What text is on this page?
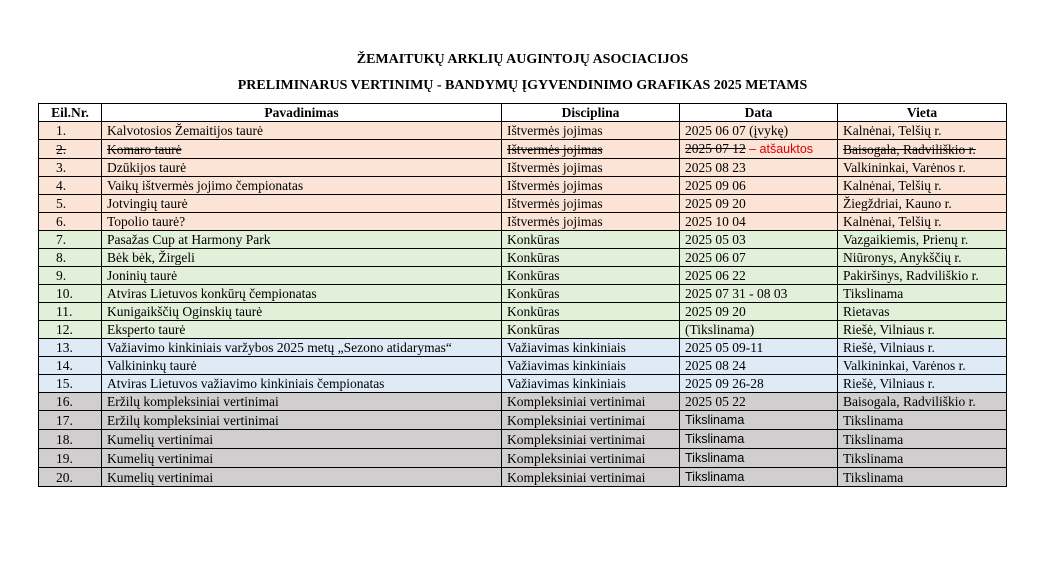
ŽEMAITUKŲ ARKLIŲ AUGINTOJŲ ASOCIACIJOS
PRELIMINARUS VERTINIMŲ - BANDYMŲ ĮGYVENDINIMO GRAFIKAS 2025 METAMS
Eil.Nr.	Pavadinimas	Disciplina	Data	Vieta
1.	Kalvotosios Žemaitijos taurė	Ištvermės jojimas	2025 06 07 (įvykę)	Kalnėnai, Telšių r.
2.	Komaro taurė	Ištvermės jojimas	2025 07 12 – atšauktos	Baisogala, Radviliškio r.
3.	Dzūkijos taurė	Ištvermės jojimas	2025 08 23	Valkininkai, Varėnos r.
4.	Vaikų ištvermės jojimo čempionatas	Ištvermės jojimas	2025 09 06	Kalnėnai, Telšių r.
5.	Jotvingių taurė	Ištvermės jojimas	2025 09 20	Žiegždriai, Kauno r.
6.	Topolio taurė?	Ištvermės jojimas	2025 10 04	Kalnėnai, Telšių r.
7.	Pasažas Cup at Harmony Park	Konkūras	2025 05 03	Vazgaikiemis, Prienų r.
8.	Bėk bėk, Žirgeli	Konkūras	2025 06 07	Niūronys, Anykščių r.
9.	Joninių taurė	Konkūras	2025 06 22	Pakiršinys, Radviliškio r.
10.	Atviras Lietuvos konkūrų čempionatas	Konkūras	2025 07 31 - 08 03	Tikslinama
11.	Kunigaikščių Oginskių taurė	Konkūras	2025 09 20	Rietavas
12.	Eksperto taurė	Konkūras	(Tikslinama)	Riešė, Vilniaus r.
13.	Važiavimo kinkiniais varžybos 2025 metų „Sezono atidarymas“	Važiavimas kinkiniais	2025 05 09-11	Riešė, Vilniaus r.
14.	Valkininkų taurė	Važiavimas kinkiniais	2025 08 24	Valkininkai, Varėnos r.
15.	Atviras Lietuvos važiavimo kinkiniais čempionatas	Važiavimas kinkiniais	2025 09 26-28	Riešė, Vilniaus r.
16.	Eržilų kompleksiniai vertinimai	Kompleksiniai vertinimai	2025 05 22	Baisogala, Radviliškio r.
17.	Eržilų kompleksiniai vertinimai	Kompleksiniai vertinimai	Tikslinama	Tikslinama
18.	Kumelių vertinimai	Kompleksiniai vertinimai	Tikslinama	Tikslinama
19.	Kumelių vertinimai	Kompleksiniai vertinimai	Tikslinama	Tikslinama
20.	Kumelių vertinimai	Kompleksiniai vertinimai	Tikslinama	Tikslinama
